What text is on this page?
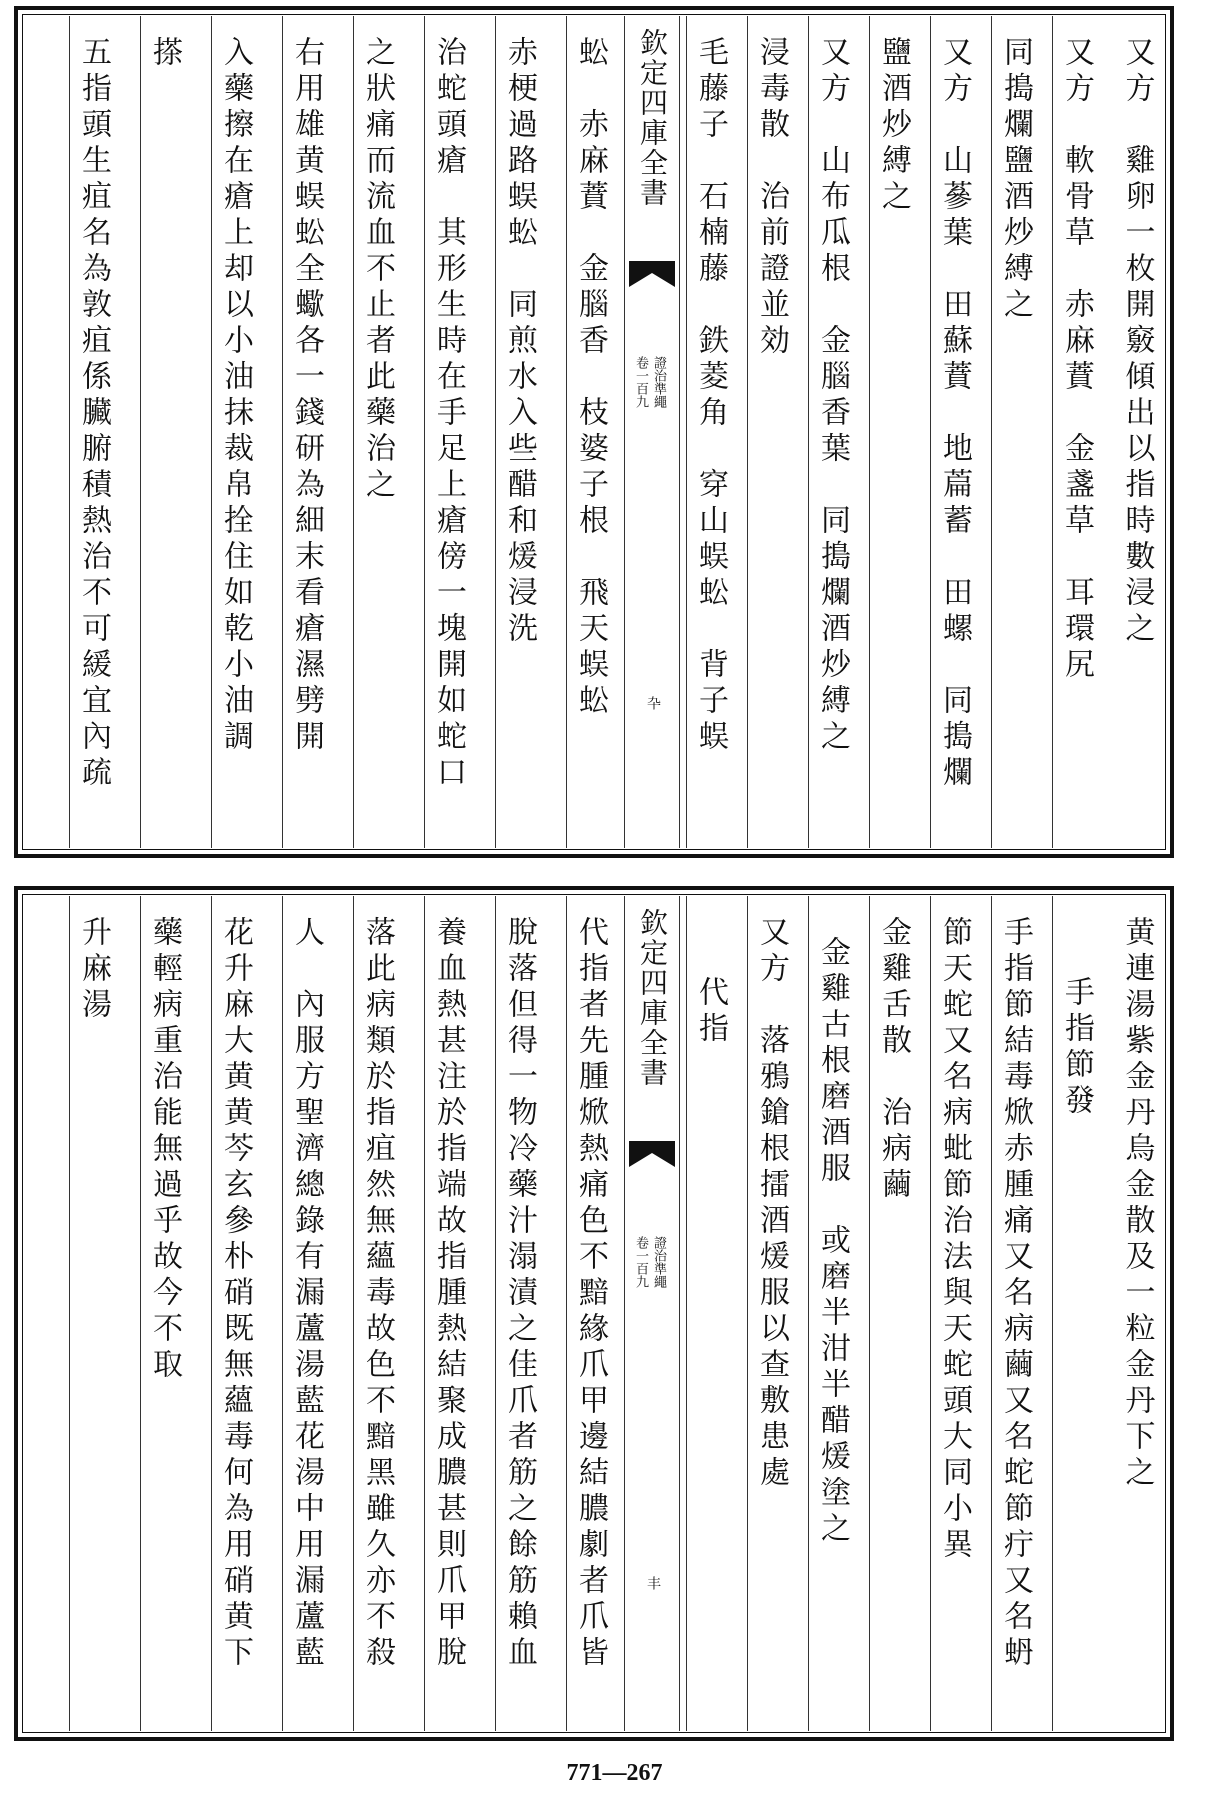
又方　雞卵一枚開竅傾出以指時數浸之
又方　軟骨草　赤麻蕡　金盞草　耳環尻
同搗爛鹽酒炒縛之
又方　山蔘葉　田蘇蕡　地萹蓄　田螺　同搗爛
鹽酒炒縛之
又方　山布瓜根　金腦香葉　同搗爛酒炒縛之
浸毒散　治前證並効
毛藤子　石楠藤　鉄菱角　穿山蜈蚣　背子蜈
欽定四庫全書
證治準繩
卷一百九
卆
蚣　赤麻蕡　金腦香　枝婆子根　飛天蜈蚣
赤梗過路蜈蚣　同煎水入些醋和煖浸洗
治蛇頭瘡　其形生時在手足上瘡傍一塊開如蛇口
之狀痛而流血不止者此藥治之
右用雄黄蜈蚣全蠍各一錢研為細末看瘡濕劈開
入藥擦在瘡上却以小油抹裁帛拴住如乾小油調
搽
五指頭生疽名為敦疽係臟腑積熱治不可緩宜內疏
黄連湯紫金丹烏金散及一粒金丹下之
手指節發
手指節結毒焮赤腫痛又名病繭又名蛇節疔又名蚒
節天蛇又名病蚍節治法與天蛇頭大同小異
金雞舌散　治病繭
金雞古根磨酒服　或磨半泔半醋煖塗之
又方　落鴉鎗根擂酒煖服以查敷患處
代指
欽定四庫全書
證治準繩
卷一百九
丰
代指者先腫焮熱痛色不黯緣爪甲邊結膿劇者爪皆
脫落但得一物冷藥汁溻漬之佳爪者筋之餘筋賴血
養血熱甚注於指端故指腫熱結聚成膿甚則爪甲脫
落此病類於指疽然無蘊毒故色不黯黑雖久亦不殺
人　內服方聖濟總錄有漏蘆湯藍花湯中用漏蘆藍
花升麻大黄黄芩玄參朴硝既無蘊毒何為用硝黄下
藥輕病重治能無過乎故今不取
升麻湯
771—267
